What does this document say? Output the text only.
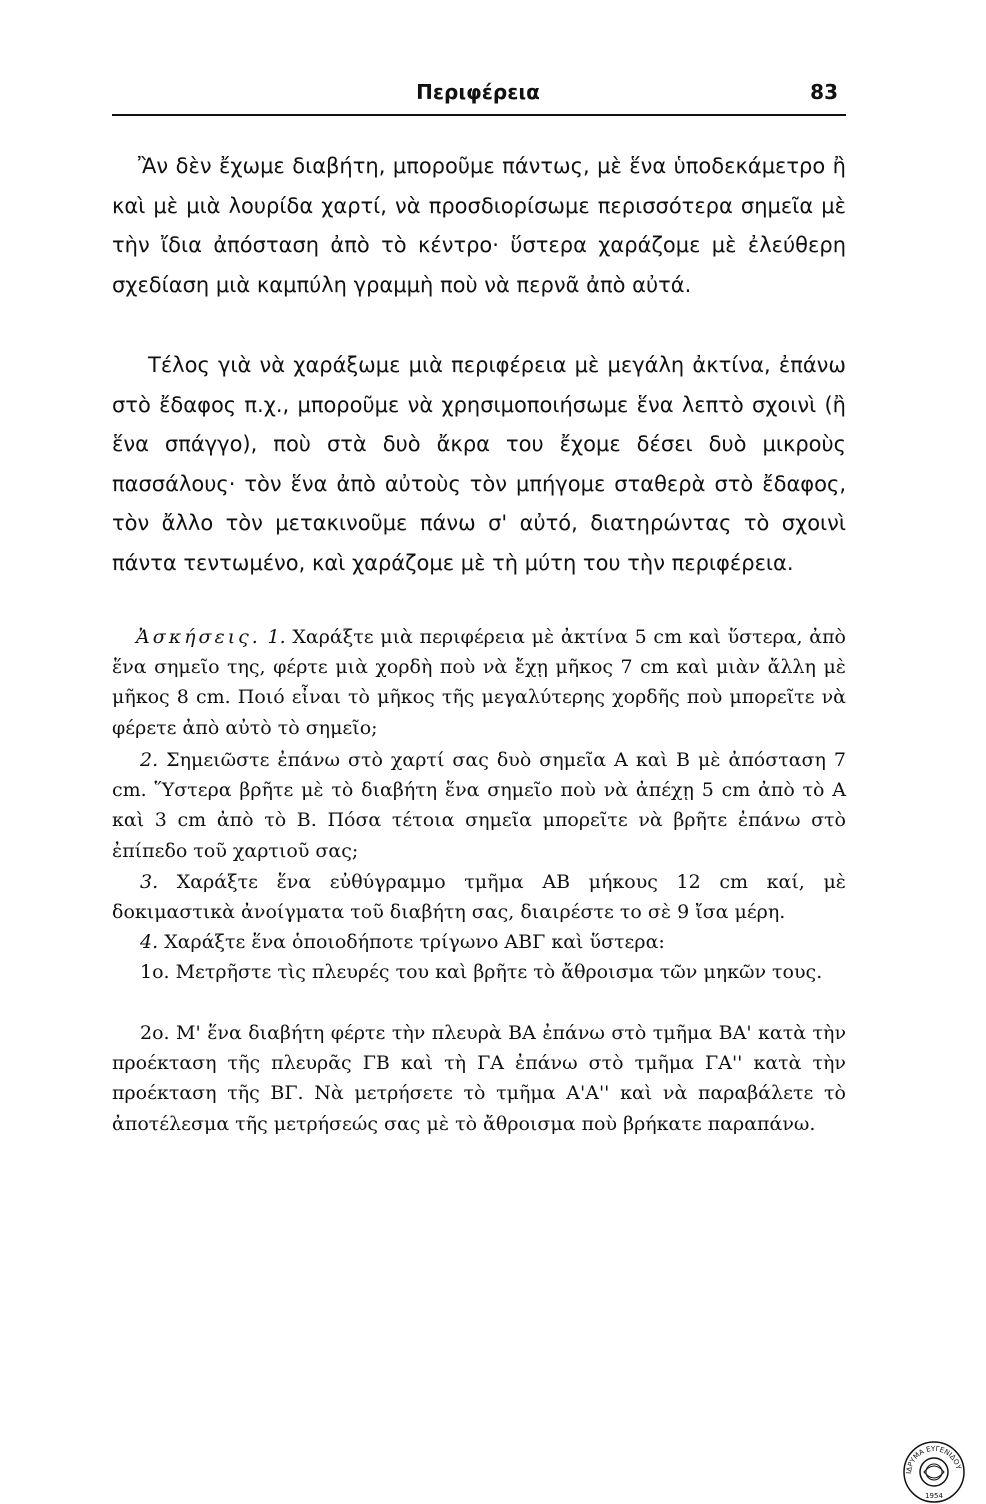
Περιφέρεια	83

Ἂν δὲν ἔχωμε διαβήτη, μποροῦμε πάντως, μὲ ἕνα ὑποδεκάμετρο ἢ καὶ μὲ μιὰ λουρίδα χαρτί, νὰ προσδιορίσωμε περισσότερα σημεῖα μὲ τὴν ἴδια ἀπόσταση ἀπὸ τὸ κέντρο· ὕστερα χαράζομε μὲ ἐλεύθερη σχεδίαση μιὰ καμπύλη γραμμὴ ποὺ νὰ περνᾶ ἀπὸ αὐτά.

Τέλος γιὰ νὰ χαράξωμε μιὰ περιφέρεια μὲ μεγάλη ἀκτίνα, ἐπάνω στὸ ἔδαφος π.χ., μποροῦμε νὰ χρησιμοποιήσωμε ἕνα λεπτὸ σχοινὶ (ἢ ἕνα σπάγγο), ποὺ στὰ δυὸ ἄκρα του ἔχομε δέσει δυὸ μικροὺς πασσάλους· τὸν ἕνα ἀπὸ αὐτοὺς τὸν μπήγομε σταθερὰ στὸ ἔδαφος, τὸν ἄλλο τὸν μετακινοῦμε πάνω σ' αὐτό, διατηρώντας τὸ σχοινὶ πάντα τεντωμένο, καὶ χαράζομε μὲ τὴ μύτη του τὴν περιφέρεια.

Ἀσκήσεις. 1. Χαράξτε μιὰ περιφέρεια μὲ ἀκτίνα 5 cm καὶ ὕστερα, ἀπὸ ἕνα σημεῖο της, φέρτε μιὰ χορδὴ ποὺ νὰ ἔχῃ μῆκος 7 cm καὶ μιὰν ἄλλη μὲ μῆκος 8 cm. Ποιό εἶναι τὸ μῆκος τῆς μεγαλύτερης χορδῆς ποὺ μπορεῖτε νὰ φέρετε ἀπὸ αὐτὸ τὸ σημεῖο;

2. Σημειῶστε ἐπάνω στὸ χαρτί σας δυὸ σημεῖα Α καὶ Β μὲ ἀπόσταση 7 cm. Ὕστερα βρῆτε μὲ τὸ διαβήτη ἕνα σημεῖο ποὺ νὰ ἀπέχῃ 5 cm ἀπὸ τὸ Α καὶ 3 cm ἀπὸ τὸ Β. Πόσα τέτοια σημεῖα μπορεῖτε νὰ βρῆτε ἐπάνω στὸ ἐπίπεδο τοῦ χαρτιοῦ σας;

3. Χαράξτε ἕνα εὐθύγραμμο τμῆμα ΑΒ μήκους 12 cm καί, μὲ δοκιμαστικὰ ἀνοίγματα τοῦ διαβήτη σας, διαιρέστε το σὲ 9 ἴσα μέρη.

4. Χαράξτε ἕνα ὁποιοδήποτε τρίγωνο ΑΒΓ καὶ ὕστερα:

1ο. Μετρῆστε τὶς πλευρές του καὶ βρῆτε τὸ ἄθροισμα τῶν μηκῶν τους.

2ο. Μ' ἕνα διαβήτη φέρτε τὴν πλευρὰ ΒΑ ἐπάνω στὸ τμῆμα ΒΑ' κατὰ τὴν προέκταση τῆς πλευρᾶς ΓΒ καὶ τὴ ΓΑ ἐπάνω στὸ τμῆμα ΓΑ'' κατὰ τὴν προέκταση τῆς ΒΓ. Νὰ μετρήσετε τὸ τμῆμα Α'Α'' καὶ νὰ παραβάλετε τὸ ἀποτέλεσμα τῆς μετρήσεώς σας μὲ τὸ ἄθροισμα ποὺ βρήκατε παραπάνω.

ΙΔΡΥΜΑ ΕΥΓΕΝΙΔΟΥ
1954
